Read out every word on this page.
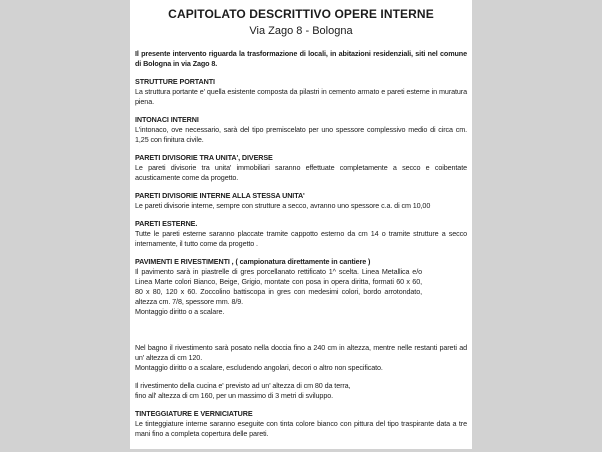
CAPITOLATO DESCRITTIVO OPERE INTERNE
Via Zago 8 - Bologna
Il presente intervento riguarda la trasformazione di locali, in abitazioni residenziali, siti nel comune di Bologna in via Zago 8.
STRUTTURE PORTANTI

La struttura portante e' quella esistente composta da pilastri in cemento armato e pareti esterne in muratura piena.

INTONACI INTERNI

L'intonaco, ove necessario, sarà del tipo premiscelato per uno spessore complessivo medio di circa cm. 1,25 con finitura civile.

PARETI DIVISORIE TRA UNITA', DIVERSE

Le pareti divisorie tra unita' immobiliari saranno effettuate completamente a secco e coibentate acusticamente come da progetto.

PARETI DIVISORIE INTERNE ALLA STESSA UNITA'

Le pareti divisorie interne, sempre con strutture a secco, avranno uno spessore c.a. di cm 10,00

PARETI ESTERNE.

Tutte le pareti esterne saranno placcate tramite cappotto esterno da cm 14 o tramite strutture a secco internamente, il tutto come da progetto .

PAVIMENTI E RIVESTIMENTI , ( campionatura direttamente in cantiere )

Il pavimento sarà in piastrelle di gres porcellanato rettificato 1^ scelta. Linea Metallica e/o Linea Marte colori Bianco, Beige, Grigio, montate con posa in opera diritta, formati 60 x 60, 80 x 80, 120 x 60. Zoccolino battiscopa in gres con medesimi colori, bordo arrotondato, altezza cm. 7/8, spessore mm. 8/9.

Montaggio diritto o a scalare.

Nel bagno il rivestimento sarà posato nella doccia fino a 240 cm in altezza, mentre nelle restanti pareti ad un' altezza di cm 120.

Montaggio diritto o a scalare, escludendo angolari, decori o altro non specificato.

Il rivestimento della cucina e' previsto ad un' altezza di cm 80 da terra,

fino all' altezza di cm 160, per un massimo di 3 metri di sviluppo.

TINTEGGIATURE E VERNICIATURE

Le tinteggiature interne saranno eseguite con tinta colore bianco con pittura del tipo traspirante data a tre mani fino a completa copertura delle pareti.
